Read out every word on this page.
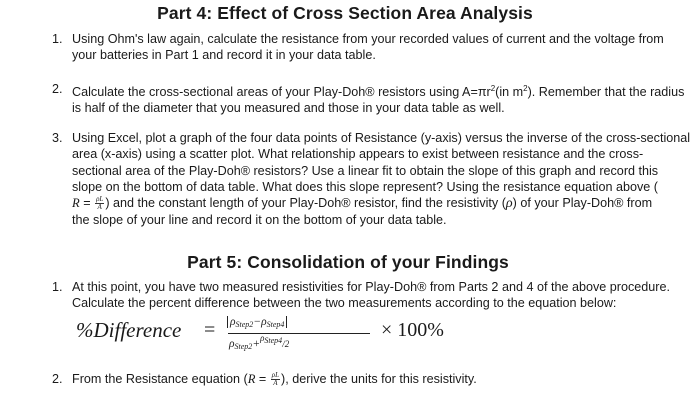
Part 4: Effect of Cross Section Area Analysis
1. Using Ohm's law again, calculate the resistance from your recorded values of current and the voltage from
your batteries in Part 1 and record it in your data table.
2. Calculate the cross-sectional areas of your Play-Doh® resistors using $A=\pi r^2(in$ $m^2$). Remember that the radius
is half of the diameter that you measured and those in your data table as well.
3. Using Excel, plot a graph of the four data points of Resistance (y-axis) versus the inverse of the cross-sectional
area (x-axis) using a scatter plot. What relationship appears to exist between resistance and the cross-
sectional area of the Play-Doh® resistors? Use a linear fit to obtain the slope of this graph and record this
slope on the bottom of data table. What does this slope represent? Using the resistance equation above (
$R = \frac{\rho L}{A}$ ) and the constant length of your Play-Doh® resistor, find the resistivity (ρ) of your Play-Doh® from
the slope of your line and record it on the bottom of your data table.
Part 5: Consolidation of your Findings
1. At this point, you have two measured resistivities for Play-Doh® from Parts 2 and 4 of the above procedure.
Calculate the percent difference between the two measurements according to the equation below:
%Difference = $\rho_{Step2}-\rho_{Step4}$
$\rho_{Step2}+^{\rho Step4}/2$
× 100%
2. From the Resistance equation ($R = \frac{\rho L}{A}$ ), derive the units for this resistivity.
